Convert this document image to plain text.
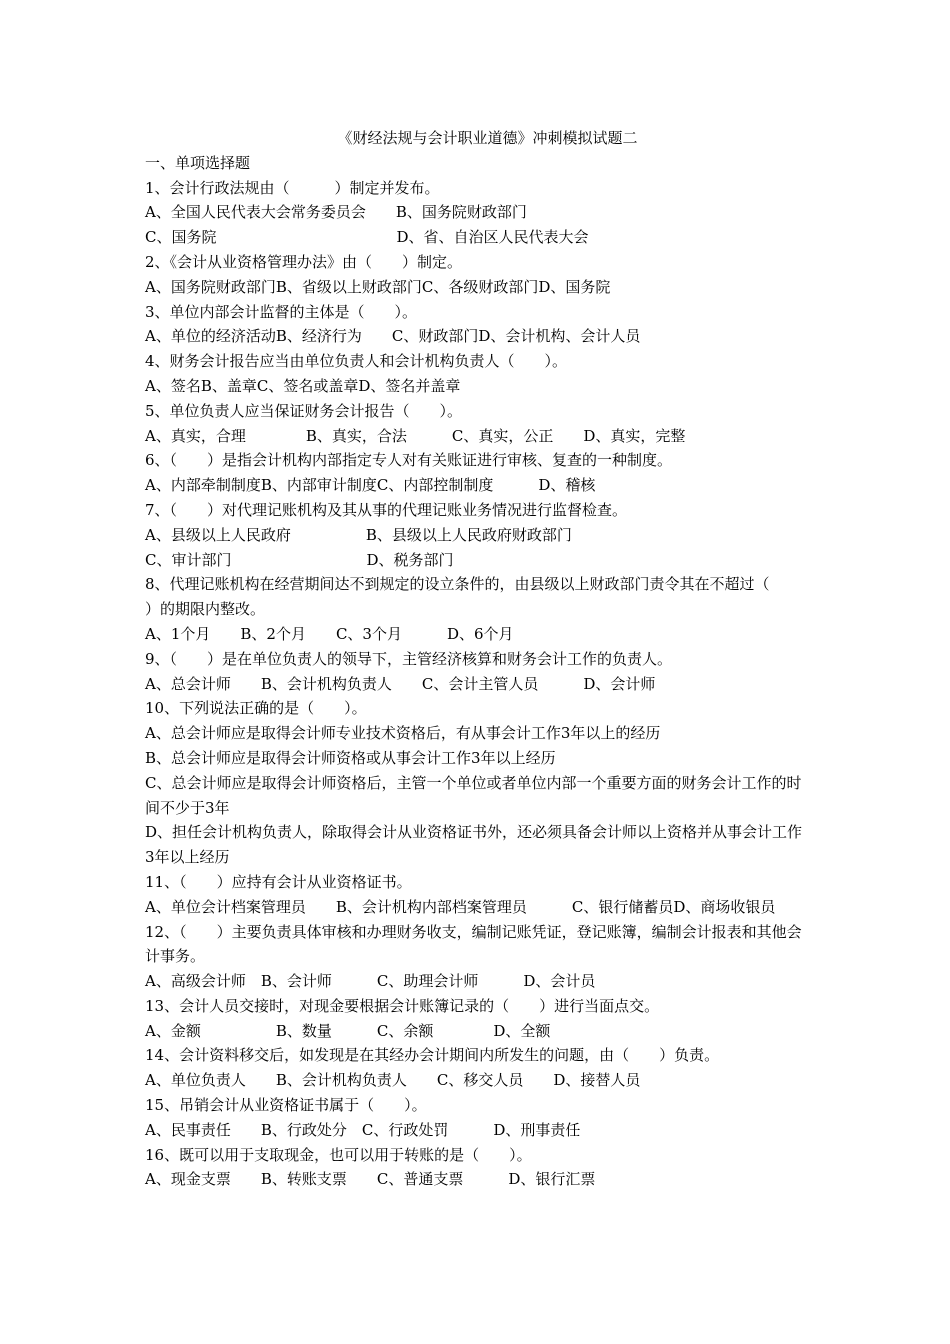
《财经法规与会计职业道德》冲刺模拟试题二

一、单项选择题

1、会计行政法规由（　　　）制定并发布。

A、全国人民代表大会常务委员会　　B、国务院财政部门

C、国务院　　　　　　　　　　　　D、省、自治区人民代表大会

2、《会计从业资格管理办法》由（　　）制定。

A、国务院财政部门B、省级以上财政部门C、各级财政部门D、国务院

3、单位内部会计监督的主体是（　　）。

A、单位的经济活动B、经济行为　　C、财政部门D、会计机构、会计人员

4、财务会计报告应当由单位负责人和会计机构负责人（　　）。

A、签名B、盖章C、签名或盖章D、签名并盖章

5、单位负责人应当保证财务会计报告（　　）。

A、真实，合理　　　　B、真实，合法　　　C、真实，公正　　D、真实，完整

6、（　　）是指会计机构内部指定专人对有关账证进行审核、复查的一种制度。

A、内部牵制制度B、内部审计制度C、内部控制制度　　　D、稽核

7、（　　）对代理记账机构及其从事的代理记账业务情况进行监督检查。

A、县级以上人民政府　　　　　B、县级以上人民政府财政部门

C、审计部门　　　　　　　　　D、税务部门

8、代理记账机构在经营期间达不到规定的设立条件的，由县级以上财政部门责令其在不超过（　　　）的期限内整改。

A、1个月　　B、2个月　　C、3个月　　　D、6个月

9、（　　）是在单位负责人的领导下，主管经济核算和财务会计工作的负责人。

A、总会计师　　B、会计机构负责人　　C、会计主管人员　　　D、会计师

10、下列说法正确的是（　　）。

A、总会计师应是取得会计师专业技术资格后，有从事会计工作3年以上的经历

B、总会计师应是取得会计师资格或从事会计工作3年以上经历

C、总会计师应是取得会计师资格后，主管一个单位或者单位内部一个重要方面的财务会计工作的时间不少于3年

D、担任会计机构负责人，除取得会计从业资格证书外，还必须具备会计师以上资格并从事会计工作3年以上经历

11、（　　）应持有会计从业资格证书。

A、单位会计档案管理员　　B、会计机构内部档案管理员　　　C、银行储蓄员D、商场收银员

12、（　　）主要负责具体审核和办理财务收支，编制记账凭证，登记账簿，编制会计报表和其他会计事务。

A、高级会计师　B、会计师　　　C、助理会计师　　　D、会计员

13、会计人员交接时，对现金要根据会计账簿记录的（　　）进行当面点交。

A、金额　　　　　B、数量　　　C、余额　　　　D、全额

14、会计资料移交后，如发现是在其经办会计期间内所发生的问题，由（　　）负责。

A、单位负责人　　B、会计机构负责人　　C、移交人员　　D、接替人员

15、吊销会计从业资格证书属于（　　）。

A、民事责任　　B、行政处分　C、行政处罚　　　D、刑事责任

16、既可以用于支取现金，也可以用于转账的是（　　）。

A、现金支票　　B、转账支票　　C、普通支票　　　D、银行汇票
